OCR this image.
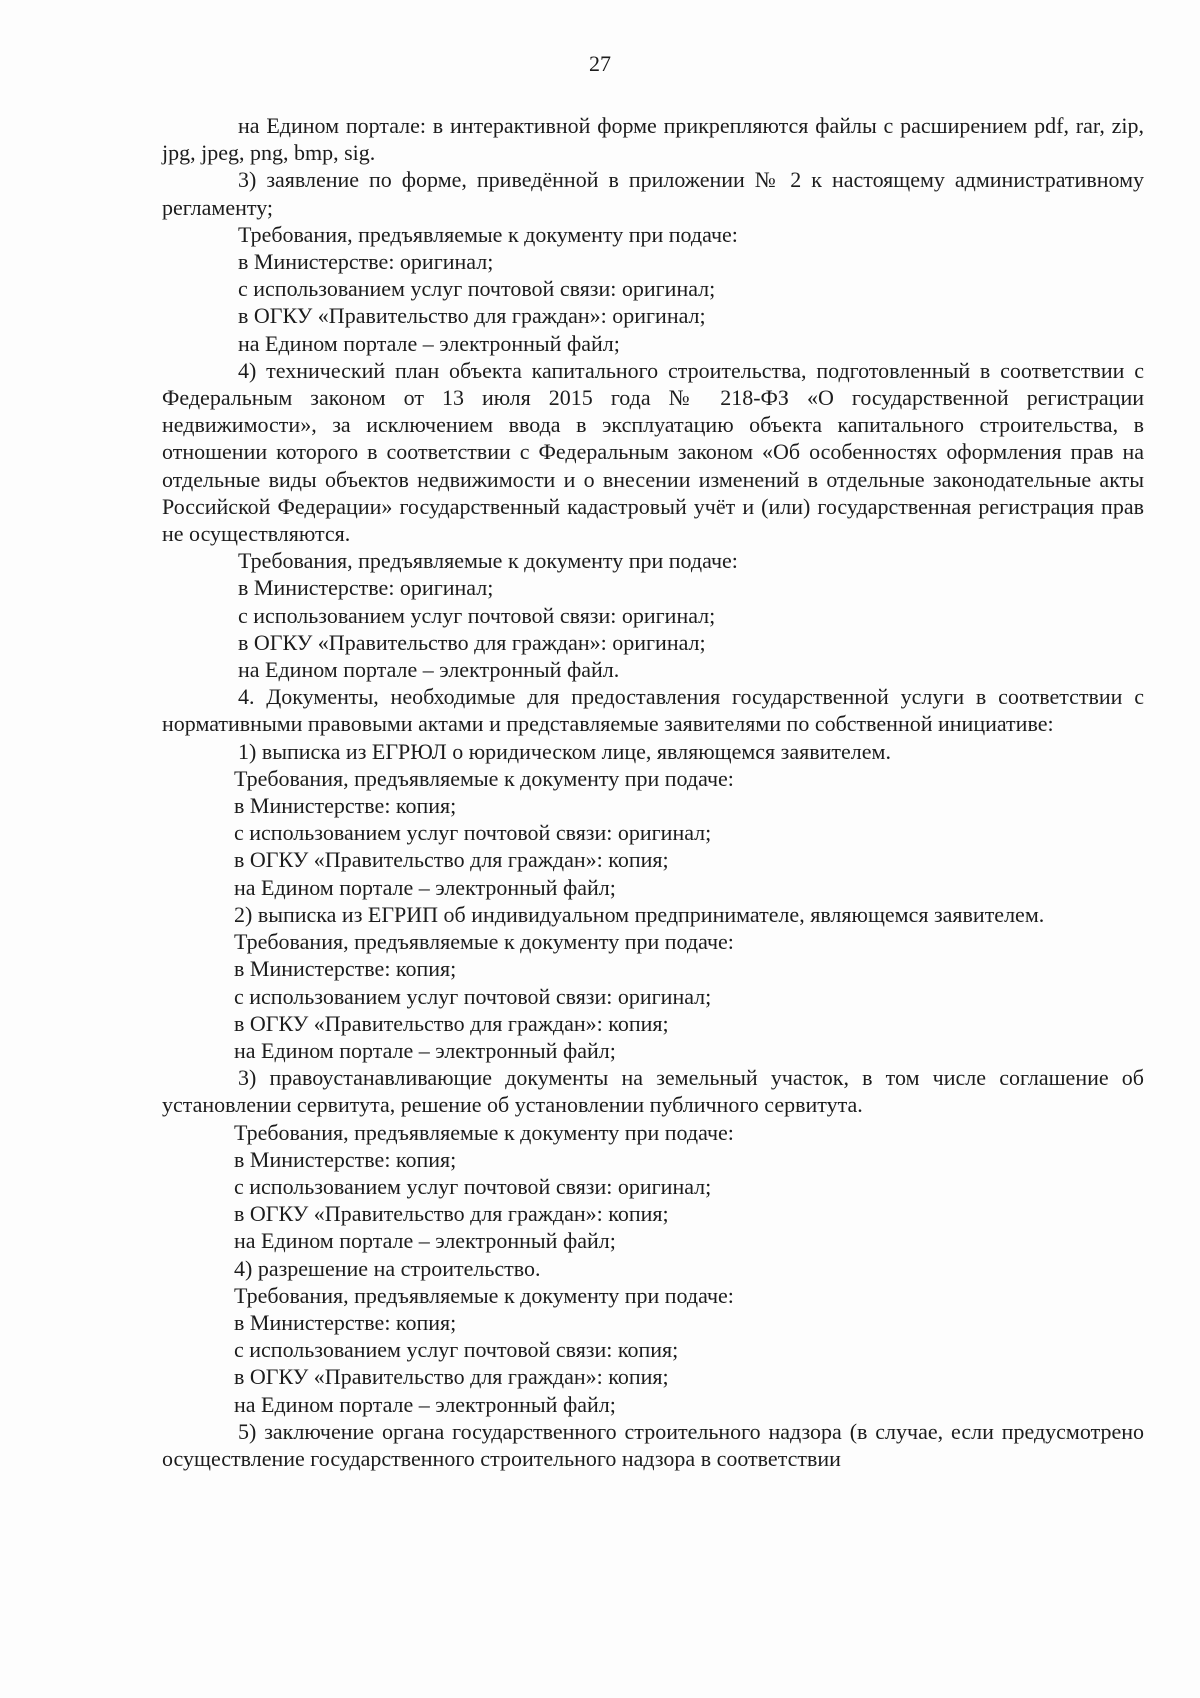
27

на Едином портале: в интерактивной форме прикрепляются файлы с расширением pdf, rar, zip, jpg, jpeg, png, bmp, sig.

3) заявление по форме, приведённой в приложении № 2 к настоящему административному регламенту;

Требования, предъявляемые к документу при подаче:

в Министерстве: оригинал;

с использованием услуг почтовой связи: оригинал;

в ОГКУ «Правительство для граждан»: оригинал;

на Едином портале – электронный файл;

4) технический план объекта капитального строительства, подготовленный в соответствии с Федеральным законом от 13 июля 2015 года № 218-ФЗ «О государственной регистрации недвижимости», за исключением ввода в эксплуатацию объекта капитального строительства, в отношении которого в соответствии с Федеральным законом «Об особенностях оформления прав на отдельные виды объектов недвижимости и о внесении изменений в отдельные законодательные акты Российской Федерации» государственный кадастровый учёт и (или) государственная регистрация прав не осуществляются.

Требования, предъявляемые к документу при подаче:

в Министерстве: оригинал;

с использованием услуг почтовой связи: оригинал;

в ОГКУ «Правительство для граждан»: оригинал;

на Едином портале – электронный файл.

4. Документы, необходимые для предоставления государственной услуги в соответствии с нормативными правовыми актами и представляемые заявителями по собственной инициативе:

1) выписка из ЕГРЮЛ о юридическом лице, являющемся заявителем.

Требования, предъявляемые к документу при подаче:

в Министерстве: копия;

с использованием услуг почтовой связи: оригинал;

в ОГКУ «Правительство для граждан»: копия;

на Едином портале – электронный файл;

2) выписка из ЕГРИП об индивидуальном предпринимателе, являющемся заявителем.

Требования, предъявляемые к документу при подаче:

в Министерстве: копия;

с использованием услуг почтовой связи: оригинал;

в ОГКУ «Правительство для граждан»: копия;

на Едином портале – электронный файл;

3) правоустанавливающие документы на земельный участок, в том числе соглашение об установлении сервитута, решение об установлении публичного сервитута.

Требования, предъявляемые к документу при подаче:

в Министерстве: копия;

с использованием услуг почтовой связи: оригинал;

в ОГКУ «Правительство для граждан»: копия;

на Едином портале – электронный файл;

4) разрешение на строительство.

Требования, предъявляемые к документу при подаче:

в Министерстве: копия;

с использованием услуг почтовой связи: копия;

в ОГКУ «Правительство для граждан»: копия;

на Едином портале – электронный файл;

5) заключение органа государственного строительного надзора (в случае, если предусмотрено осуществление государственного строительного надзора в соответствии
